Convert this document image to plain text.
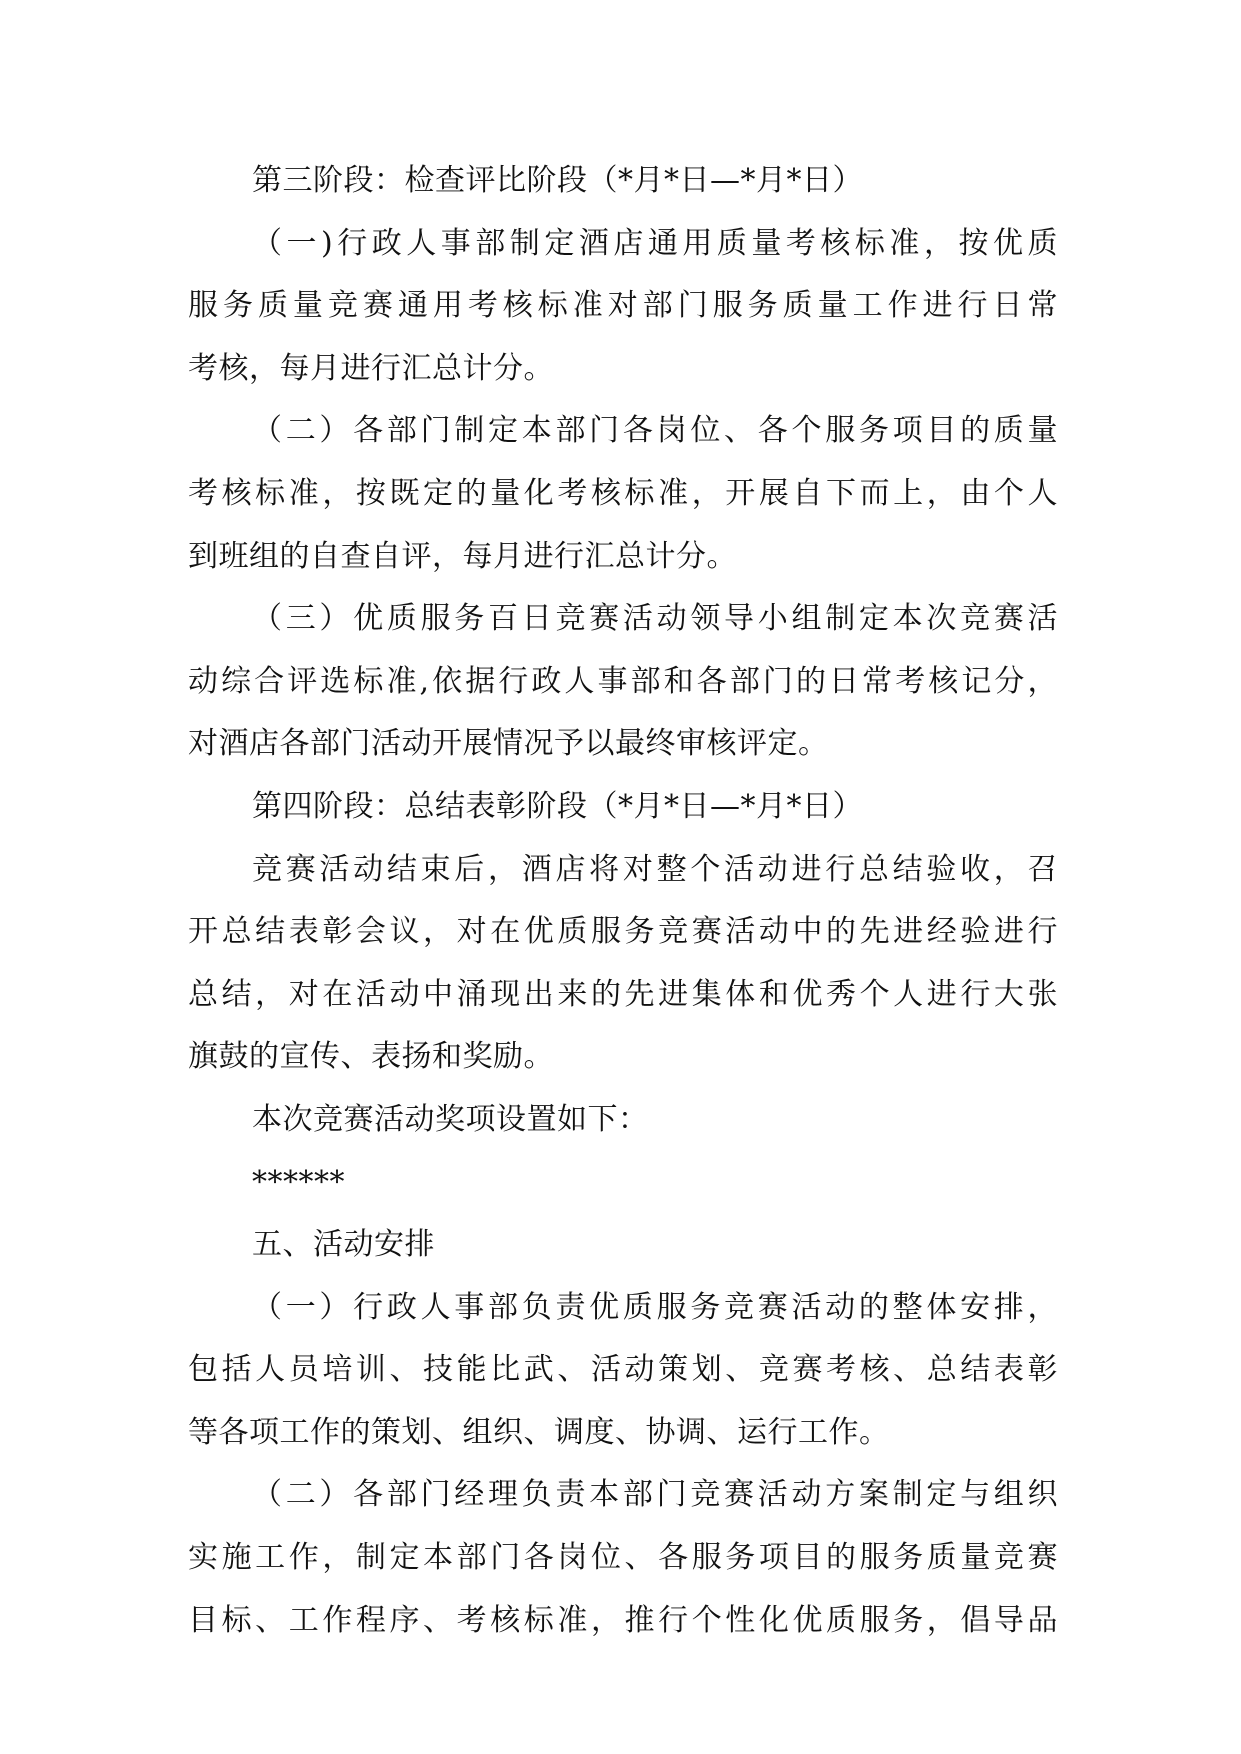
第三阶段：检查评比阶段（*月*日—*月*日）
（一)行政人事部制定酒店通用质量考核标准，按优质
服务质量竞赛通用考核标准对部门服务质量工作进行日常
考核，每月进行汇总计分。
（二）各部门制定本部门各岗位、各个服务项目的质量
考核标准，按既定的量化考核标准，开展自下而上，由个人
到班组的自查自评，每月进行汇总计分。
（三）优质服务百日竞赛活动领导小组制定本次竞赛活
动综合评选标准,依据行政人事部和各部门的日常考核记分，
对酒店各部门活动开展情况予以最终审核评定。
第四阶段：总结表彰阶段（*月*日—*月*日）
竞赛活动结束后，酒店将对整个活动进行总结验收，召
开总结表彰会议，对在优质服务竞赛活动中的先进经验进行
总结，对在活动中涌现出来的先进集体和优秀个人进行大张
旗鼓的宣传、表扬和奖励。
本次竞赛活动奖项设置如下：
******
五、活动安排
（一）行政人事部负责优质服务竞赛活动的整体安排，
包括人员培训、技能比武、活动策划、竞赛考核、总结表彰
等各项工作的策划、组织、调度、协调、运行工作。
（二）各部门经理负责本部门竞赛活动方案制定与组织
实施工作，制定本部门各岗位、各服务项目的服务质量竞赛
目标、工作程序、考核标准，推行个性化优质服务，倡导品
